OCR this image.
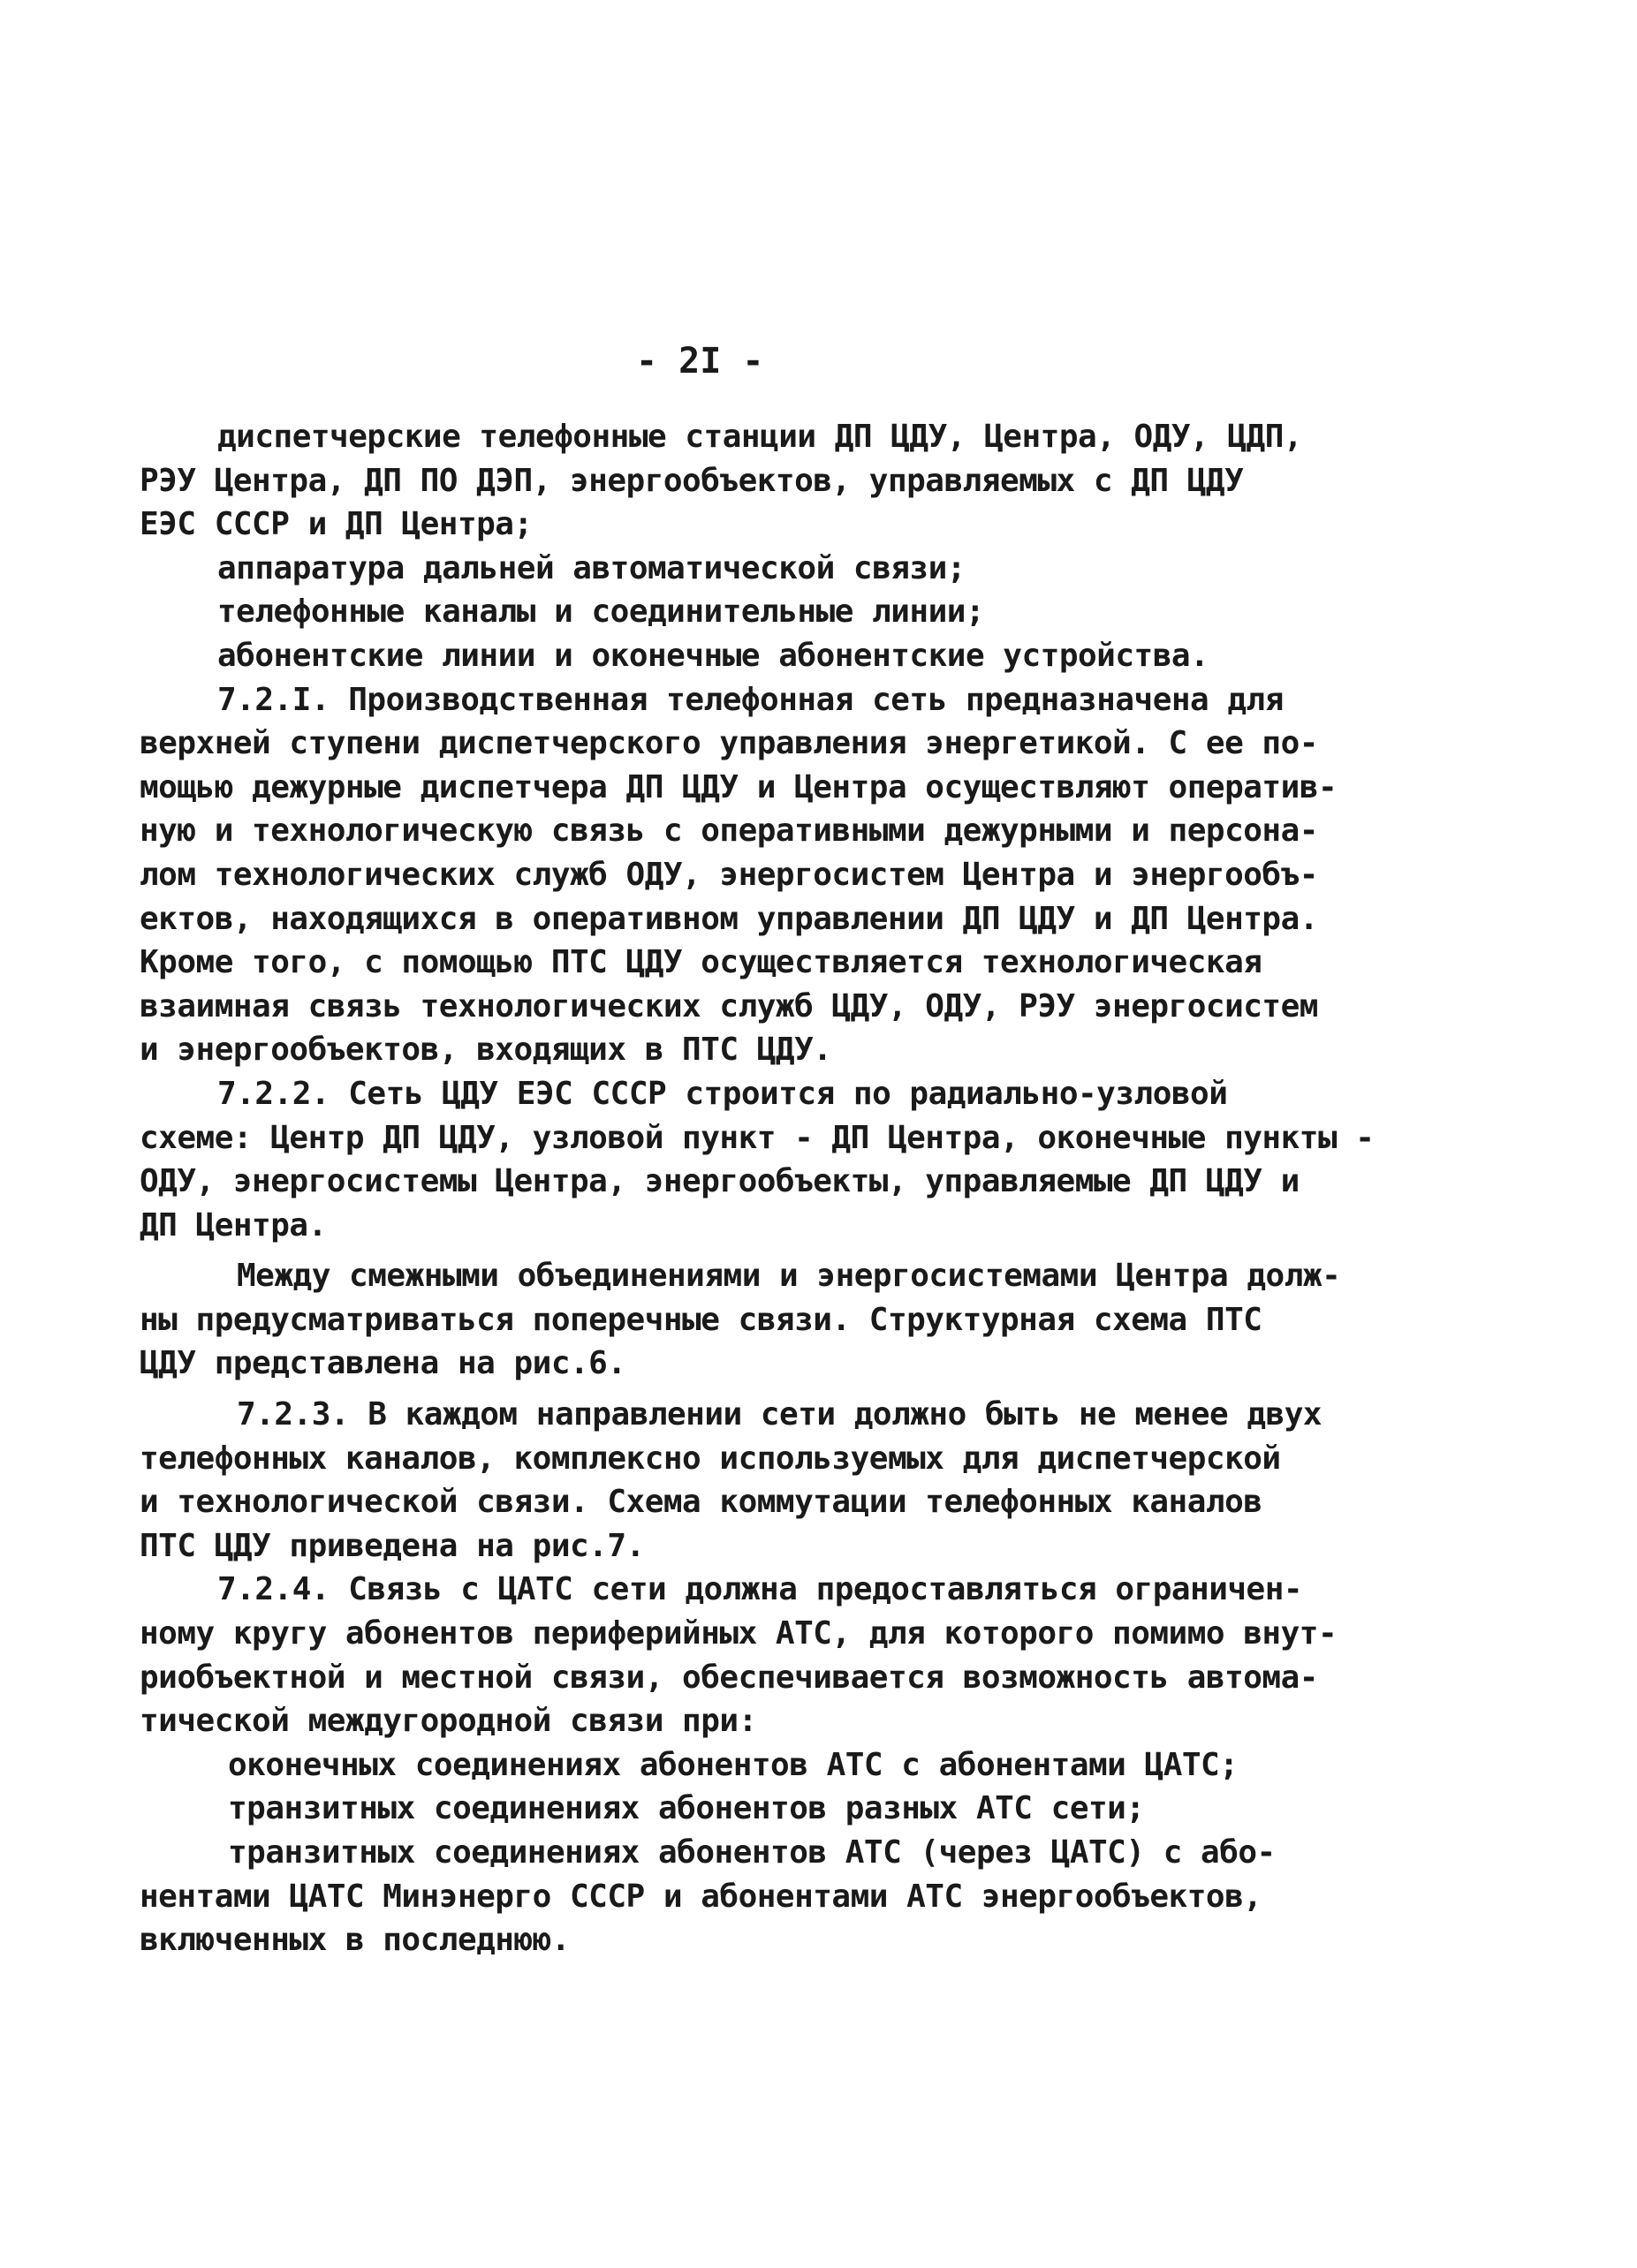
- 2I -
диспетчерские телефонные станции ДП ЦДУ, Центра, ОДУ, ЦДП,
РЭУ Центра, ДП ПО ДЭП, энергообъектов, управляемых с ДП ЦДУ
ЕЭС СССР и ДП Центра;
аппаратура дальней автоматической связи;
телефонные каналы и соединительные линии;
абонентские линии и оконечные абонентские устройства.
7.2.I. Производственная телефонная сеть предназначена для
верхней ступени диспетчерского управления энергетикой. С ее по-
мощью дежурные диспетчера ДП ЦДУ и Центра осуществляют оператив-
ную и технологическую связь с оперативными дежурными и персона-
лом технологических служб ОДУ, энергосистем Центра и энергообъ-
ектов, находящихся в оперативном управлении ДП ЦДУ и ДП Центра.
Кроме того, с помощью ПТС ЦДУ осуществляется технологическая
взаимная связь технологических служб ЦДУ, ОДУ, РЭУ энергосистем
и энергообъектов, входящих в ПТС ЦДУ.
7.2.2. Сеть ЦДУ ЕЭС СССР строится по радиально-узловой
схеме: Центр ДП ЦДУ, узловой пункт - ДП Центра, оконечные пункты -
ОДУ, энергосистемы Центра, энергообъекты, управляемые ДП ЦДУ и
ДП Центра.
Между смежными объединениями и энергосистемами Центра долж-
ны предусматриваться поперечные связи. Структурная схема ПТС
ЦДУ представлена на рис.6.
7.2.3. В каждом направлении сети должно быть не менее двух
телефонных каналов, комплексно используемых для диспетчерской
и технологической связи. Схема коммутации телефонных каналов
ПТС ЦДУ приведена на рис.7.
7.2.4. Связь с ЦАТС сети должна предоставляться ограничен-
ному кругу абонентов периферийных АТС, для которого помимо внут-
риобъектной и местной связи, обеспечивается возможность автома-
тической междугородной связи при:
оконечных соединениях абонентов АТС с абонентами ЦАТС;
транзитных соединениях абонентов разных АТС сети;
транзитных соединениях абонентов АТС (через ЦАТС) с або-
нентами ЦАТС Минэнерго СССР и абонентами АТС энергообъектов,
включенных в последнюю.
